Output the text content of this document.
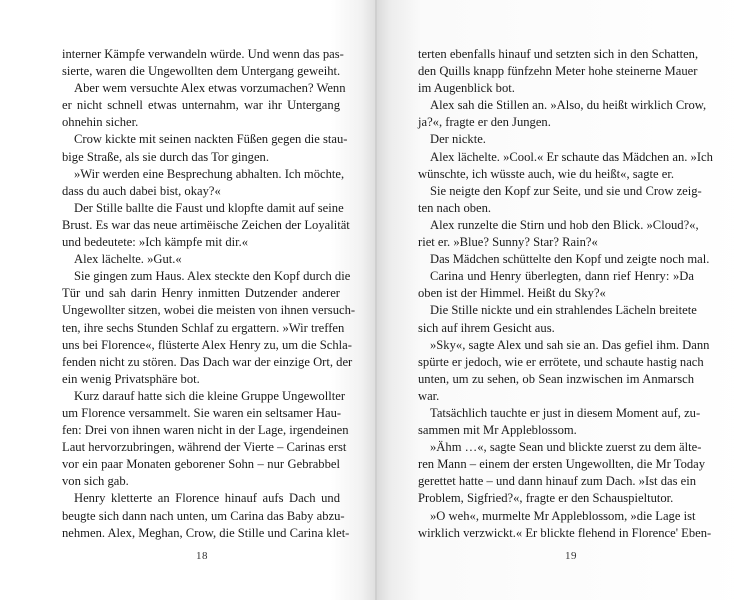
interner Kämpfe verwandeln würde. Und wenn das pas-
sierte, waren die Ungewollten dem Untergang geweiht.
Aber wem versuchte Alex etwas vorzumachen? Wenn
er nicht schnell etwas unternahm, war ihr Untergang
ohnehin sicher.
Crow kickte mit seinen nackten Füßen gegen die stau-
bige Straße, als sie durch das Tor gingen.
»Wir werden eine Besprechung abhalten. Ich möchte,
dass du auch dabei bist, okay?«
Der Stille ballte die Faust und klopfte damit auf seine
Brust. Es war das neue artimëische Zeichen der Loyalität
und bedeutete: »Ich kämpfe mit dir.«
Alex lächelte. »Gut.«
Sie gingen zum Haus. Alex steckte den Kopf durch die
Tür und sah darin Henry inmitten Dutzender anderer
Ungewollter sitzen, wobei die meisten von ihnen versuch-
ten, ihre sechs Stunden Schlaf zu ergattern. »Wir treffen
uns bei Florence«, flüsterte Alex Henry zu, um die Schla-
fenden nicht zu stören. Das Dach war der einzige Ort, der
ein wenig Privatsphäre bot.
Kurz darauf hatte sich die kleine Gruppe Ungewollter
um Florence versammelt. Sie waren ein seltsamer Hau-
fen: Drei von ihnen waren nicht in der Lage, irgendeinen
Laut hervorzubringen, während der Vierte – Carinas erst
vor ein paar Monaten geborener Sohn – nur Gebrabbel
von sich gab.
Henry kletterte an Florence hinauf aufs Dach und
beugte sich dann nach unten, um Carina das Baby abzu-
nehmen. Alex, Meghan, Crow, die Stille und Carina klet-
18
terten ebenfalls hinauf und setzten sich in den Schatten,
den Quills knapp fünfzehn Meter hohe steinerne Mauer
im Augenblick bot.
Alex sah die Stillen an. »Also, du heißt wirklich Crow,
ja?«, fragte er den Jungen.
Der nickte.
Alex lächelte. »Cool.« Er schaute das Mädchen an. »Ich
wünschte, ich wüsste auch, wie du heißt«, sagte er.
Sie neigte den Kopf zur Seite, und sie und Crow zeig-
ten nach oben.
Alex runzelte die Stirn und hob den Blick. »Cloud?«,
riet er. »Blue? Sunny? Star? Rain?«
Das Mädchen schüttelte den Kopf und zeigte noch mal.
Carina und Henry überlegten, dann rief Henry: »Da
oben ist der Himmel. Heißt du Sky?«
Die Stille nickte und ein strahlendes Lächeln breitete
sich auf ihrem Gesicht aus.
»Sky«, sagte Alex und sah sie an. Das gefiel ihm. Dann
spürte er jedoch, wie er errötete, und schaute hastig nach
unten, um zu sehen, ob Sean inzwischen im Anmarsch
war.
Tatsächlich tauchte er just in diesem Moment auf, zu-
sammen mit Mr Appleblossom.
»Ähm …«, sagte Sean und blickte zuerst zu dem älte-
ren Mann – einem der ersten Ungewollten, die Mr Today
gerettet hatte – und dann hinauf zum Dach. »Ist das ein
Problem, Sigfried?«, fragte er den Schauspieltutor.
»O weh«, murmelte Mr Appleblossom, »die Lage ist
wirklich verzwickt.« Er blickte flehend in Florence' Eben-
19
